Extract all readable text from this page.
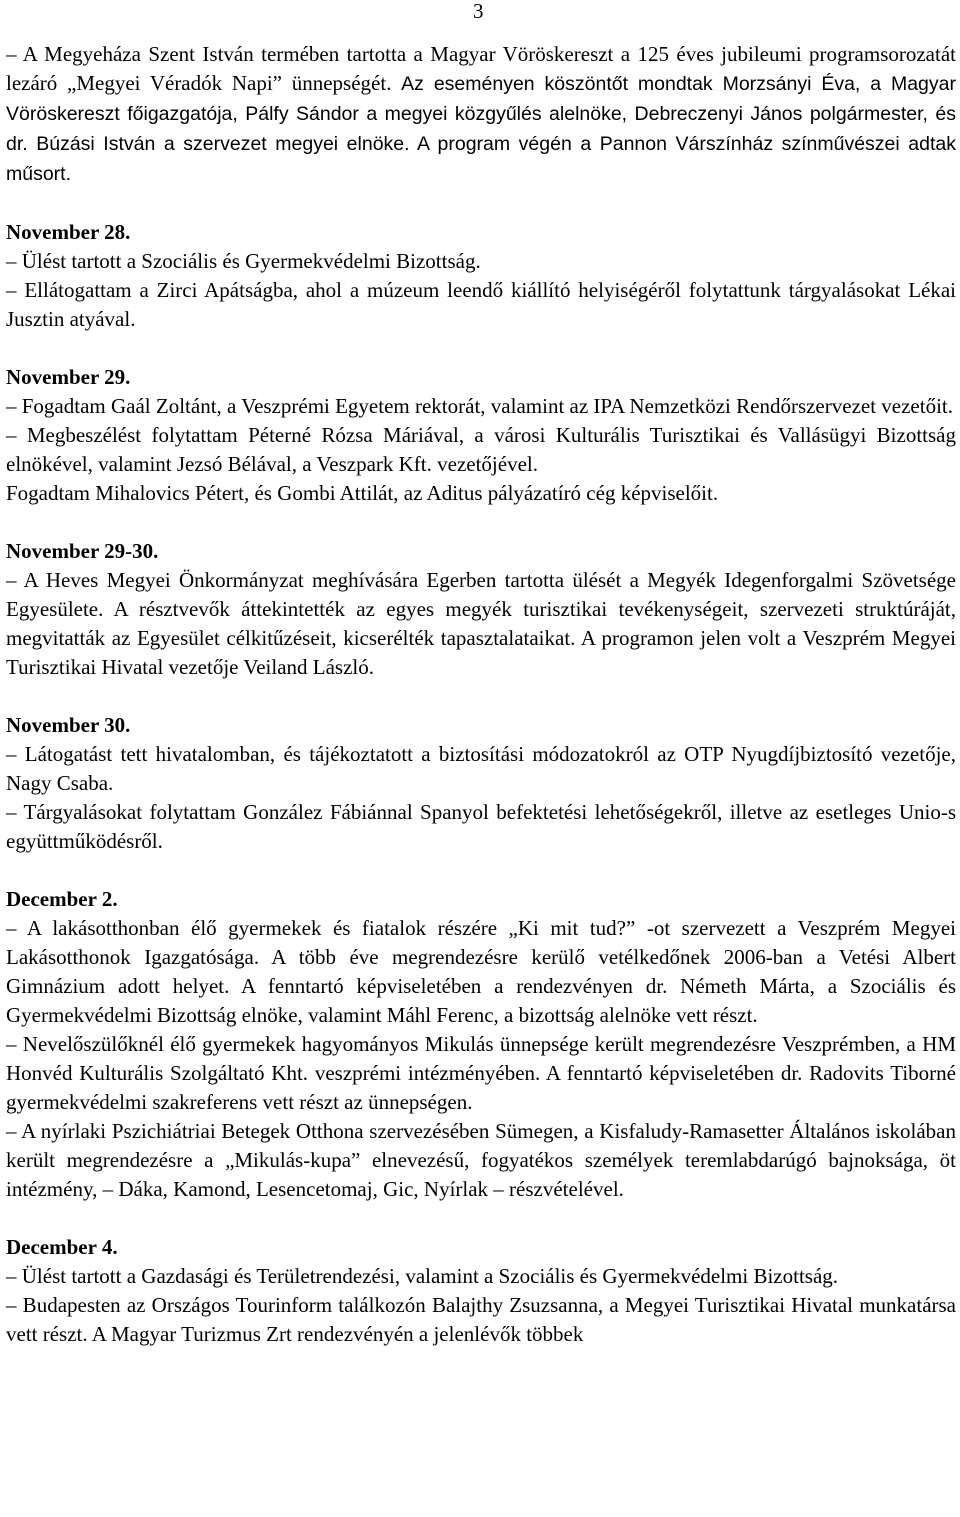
3

– A Megyeháza Szent István termében tartotta a Magyar Vöröskereszt a 125 éves jubileumi programsorozatát lezáró „Megyei Véradók Napi” ünnepségét. Az eseményen köszöntőt mondtak Morzsányi Éva, a Magyar Vöröskereszt főigazgatója, Pálfy Sándor a megyei közgyűlés alelnöke, Debreczenyi János polgármester, és dr. Búzási István a szervezet megyei elnöke. A program végén a Pannon Várszínház színművészei adtak műsort.

November 28.

– Ülést tartott a Szociális és Gyermekvédelmi Bizottság.

– Ellátogattam a Zirci Apátságba, ahol a múzeum leendő kiállító helyiségéről folytattunk tárgyalásokat Lékai Jusztin atyával.

November 29.

– Fogadtam Gaál Zoltánt, a Veszprémi Egyetem rektorát, valamint az IPA Nemzetközi Rendőrszervezet vezetőit.

– Megbeszélést folytattam Péterné Rózsa Máriával, a városi Kulturális Turisztikai és Vallásügyi Bizottság elnökével, valamint Jezsó Bélával, a Veszpark Kft. vezetőjével.

Fogadtam Mihalovics Pétert, és Gombi Attilát, az Aditus pályázatíró cég képviselőit.

November 29-30.

– A Heves Megyei Önkormányzat meghívására Egerben tartotta ülését a Megyék Idegenforgalmi Szövetsége Egyesülete. A résztvevők áttekintették az egyes megyék turisztikai tevékenységeit, szervezeti struktúráját, megvitatták az Egyesület célkitűzéseit, kicserélték tapasztalataikat. A programon jelen volt a Veszprém Megyei Turisztikai Hivatal vezetője Veiland László.

November 30.

– Látogatást tett hivatalomban, és tájékoztatott a biztosítási módozatokról az OTP Nyugdíjbiztosító vezetője, Nagy Csaba.

– Tárgyalásokat folytattam González Fábiánnal Spanyol befektetési lehetőségekről, illetve az esetleges Unio-s együttműködésről.

December 2.

– A lakásotthonban élő gyermekek és fiatalok részére „Ki mit tud?” -ot szervezett a Veszprém Megyei Lakásotthonok Igazgatósága. A több éve megrendezésre kerülő vetélkedőnek 2006-ban a Vetési Albert Gimnázium adott helyet. A fenntartó képviseletében a rendezvényen dr. Németh Márta, a Szociális és Gyermekvédelmi Bizottság elnöke, valamint Máhl Ferenc, a bizottság alelnöke vett részt.

– Nevelőszülőknél élő gyermekek hagyományos Mikulás ünnepsége került megrendezésre Veszprémben, a HM Honvéd Kulturális Szolgáltató Kht. veszprémi intézményében. A fenntartó képviseletében dr. Radovits Tiborné gyermekvédelmi szakreferens vett részt az ünnepségen.

– A nyírlaki Pszichiátriai Betegek Otthona szervezésében Sümegen, a Kisfaludy-Ramasetter Általános iskolában került megrendezésre a „Mikulás-kupa” elnevezésű, fogyatékos személyek teremlabdarúgó bajnoksága, öt intézmény, – Dáka, Kamond, Lesencetomaj, Gic, Nyírlak – részvételével.

December 4.

– Ülést tartott a Gazdasági és Területrendezési, valamint a Szociális és Gyermekvédelmi Bizottság.

– Budapesten az Országos Tourinform találkozón Balajthy Zsuzsanna, a Megyei Turisztikai Hivatal munkatársa vett részt. A Magyar Turizmus Zrt rendezvényén a jelenlévők többek
